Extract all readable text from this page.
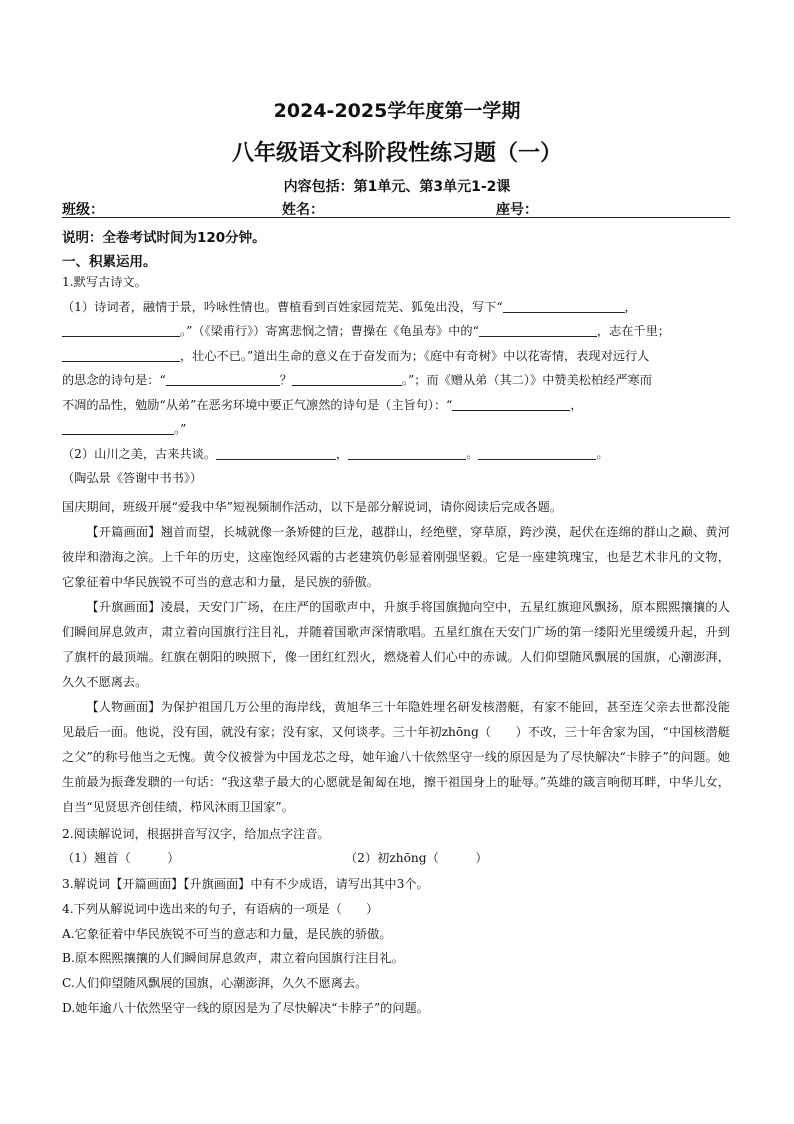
2024-2025学年度第一学期
八年级语文科阶段性练习题（一）
内容包括：第1单元、第3单元1-2课
班级：	姓名：	座号：
说明：全卷考试时间为120分钟。
一、积累运用。

1.默写古诗文。

（1）诗词者，融情于景，吟咏性情也。曹植看到百姓家园荒芜、狐兔出没，写下“	，
。”（《梁甫行》）寄寓悲悯之情；曹操在《龟虽寿》中的“	，志在千里；
，壮心不已。”道出生命的意义在于奋发而为；《庭中有奇树》中以花寄情，表现对远行人
的思念的诗句是：“	？	。”；而《赠从弟（其二）》中赞美松柏经严寒而
不凋的品性，勉励“从弟”在恶劣环境中要正气凛然的诗句是（主旨句）：“	，
。”

（2）山川之美，古来共谈。	，	。	。
（陶弘景《答谢中书书》）

国庆期间，班级开展“爱我中华”短视频制作活动，以下是部分解说词，请你阅读后完成各题。

【开篇画面】翘首而望，长城就像一条矫健的巨龙，越群山，经绝壁，穿草原，跨沙漠，起伏在连绵的群山之巅、黄河彼岸和渤海之滨。上千年的历史，这座饱经风霜的古老建筑仍彰显着刚强坚毅。它是一座建筑瑰宝，也是艺术非凡的文物，它象征着中华民族锐不可当的意志和力量，是民族的骄傲。

【升旗画面】凌晨，天安门广场，在庄严的国歌声中，升旗手将国旗抛向空中，五星红旗迎风飘扬，原本熙熙攘攘的人们瞬间屏息敛声，肃立着向国旗行注目礼，并随着国歌声深情歌唱。五星红旗在天安门广场的第一缕阳光里缓缓升起，升到了旗杆的最顶端。红旗在朝阳的映照下，像一团红红烈火，燃烧着人们心中的赤诚。人们仰望随风飘展的国旗，心潮澎湃，久久不愿离去。

【人物画面】为保护祖国几万公里的海岸线，黄旭华三十年隐姓埋名研发核潜艇，有家不能回，甚至连父亲去世都没能见最后一面。他说，没有国，就没有家；没有家，又何谈孝。三十年初zhōng（　　）不改，三十年舍家为国，“中国核潜艇之父”的称号他当之无愧。黄令仪被誉为中国龙芯之母，她年逾八十依然坚守一线的原因是为了尽快解决“卡脖子”的问题。她生前最为振聋发聩的一句话：“我这辈子最大的心愿就是匍匐在地，擦干祖国身上的耻辱。”英雄的箴言响彻耳畔，中华儿女，自当“见贤思齐创佳绩，栉风沐雨卫国家”。

2.阅读解说词，根据拼音写汉字，给加点字注音。
（1）翘首（　　　）	（2）初zhōng（　　　）
3.解说词【开篇画面】【升旗画面】中有不少成语，请写出其中3个。
4.下列从解说词中选出来的句子，有语病的一项是（　　）
A.它象征着中华民族锐不可当的意志和力量，是民族的骄傲。
B.原本熙熙攘攘的人们瞬间屏息敛声，肃立着向国旗行注目礼。
C.人们仰望随风飘展的国旗，心潮澎湃，久久不愿离去。
D.她年逾八十依然坚守一线的原因是为了尽快解决“卡脖子”的问题。
